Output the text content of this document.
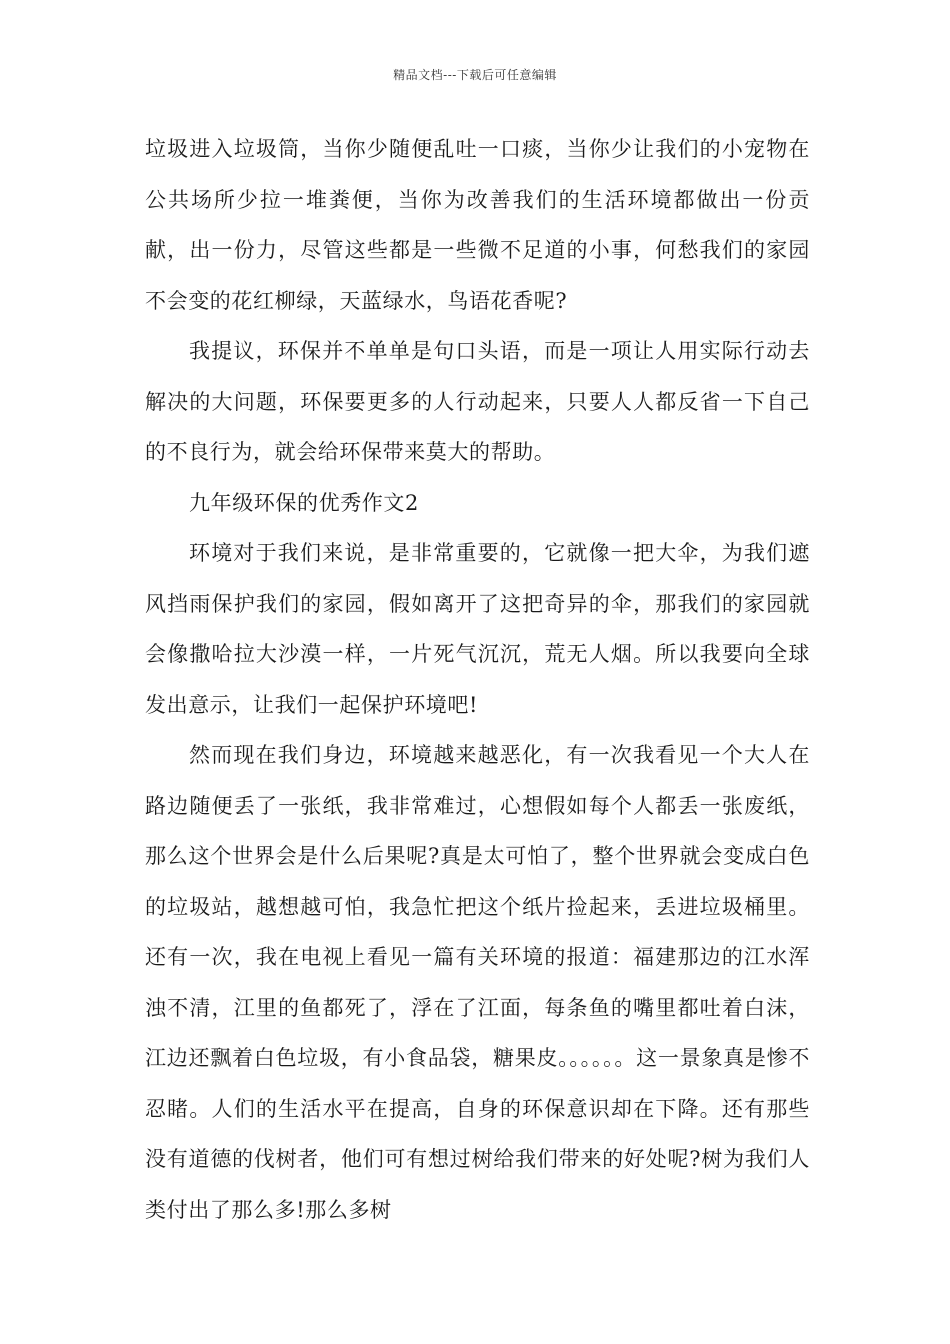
精品文档---下载后可任意编辑

垃圾进入垃圾筒，当你少随便乱吐一口痰，当你少让我们的小宠物在公共场所少拉一堆粪便，当你为改善我们的生活环境都做出一份贡献，出一份力，尽管这些都是一些微不足道的小事，何愁我们的家园不会变的花红柳绿，天蓝绿水，鸟语花香呢?

我提议，环保并不单单是句口头语，而是一项让人用实际行动去解决的大问题，环保要更多的人行动起来，只要人人都反省一下自己的不良行为，就会给环保带来莫大的帮助。

九年级环保的优秀作文2

环境对于我们来说，是非常重要的，它就像一把大伞，为我们遮风挡雨保护我们的家园，假如离开了这把奇异的伞，那我们的家园就会像撒哈拉大沙漠一样，一片死气沉沉，荒无人烟。所以我要向全球发出意示，让我们一起保护环境吧!

然而现在我们身边，环境越来越恶化，有一次我看见一个大人在路边随便丢了一张纸，我非常难过，心想假如每个人都丢一张废纸，那么这个世界会是什么后果呢?真是太可怕了，整个世界就会变成白色的垃圾站，越想越可怕，我急忙把这个纸片捡起来，丢进垃圾桶里。还有一次，我在电视上看见一篇有关环境的报道：福建那边的江水浑浊不清，江里的鱼都死了，浮在了江面，每条鱼的嘴里都吐着白沫，江边还飘着白色垃圾，有小食品袋，糖果皮。。。。。。这一景象真是惨不忍睹。人们的生活水平在提高，自身的环保意识却在下降。还有那些没有道德的伐树者，他们可有想过树给我们带来的好处呢?树为我们人类付出了那么多!那么多树
